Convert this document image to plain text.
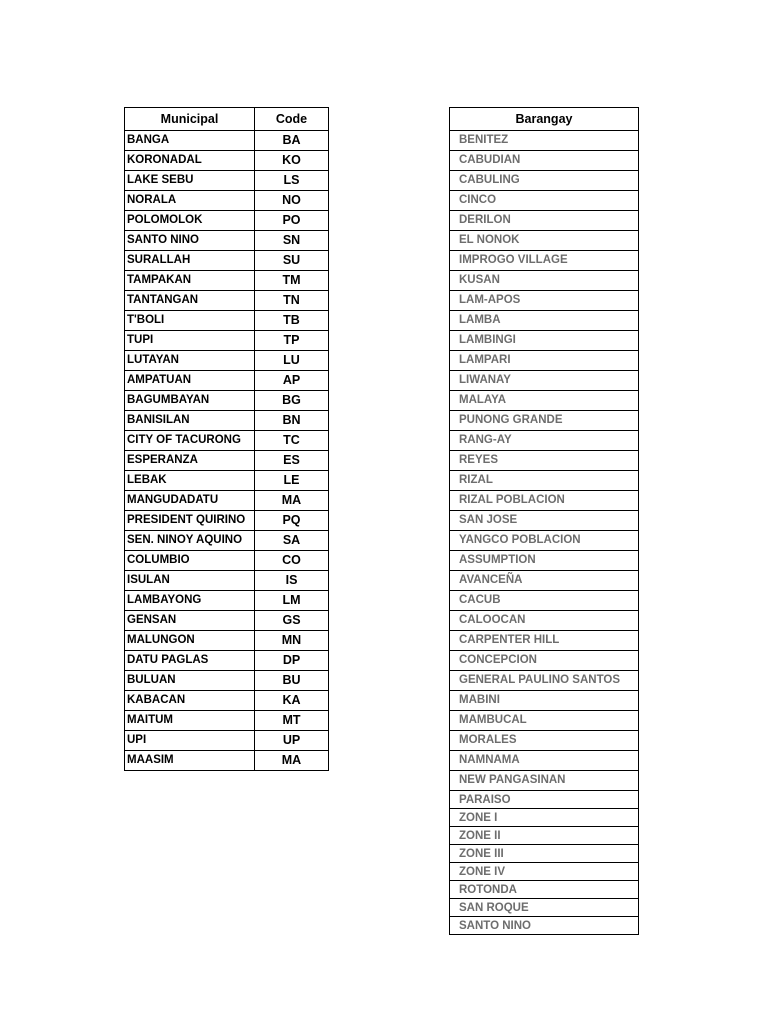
Municipal	Code
BANGA	BA
KORONADAL	KO
LAKE SEBU	LS
NORALA	NO
POLOMOLOK	PO
SANTO NINO	SN
SURALLAH	SU
TAMPAKAN	TM
TANTANGAN	TN
T'BOLI	TB
TUPI	TP
LUTAYAN	LU
AMPATUAN	AP
BAGUMBAYAN	BG
BANISILAN	BN
CITY OF TACURONG	TC
ESPERANZA	ES
LEBAK	LE
MANGUDADATU	MA
PRESIDENT QUIRINO	PQ
SEN. NINOY AQUINO	SA
COLUMBIO	CO
ISULAN	IS
LAMBAYONG	LM
GENSAN	GS
MALUNGON	MN
DATU PAGLAS	DP
BULUAN	BU
KABACAN	KA
MAITUM	MT
UPI	UP
MAASIM	MA
Barangay
BENITEZ
CABUDIAN
CABULING
CINCO
DERILON
EL NONOK
IMPROGO VILLAGE
KUSAN
LAM-APOS
LAMBA
LAMBINGI
LAMPARI
LIWANAY
MALAYA
PUNONG GRANDE
RANG-AY
REYES
RIZAL
RIZAL POBLACION
SAN JOSE
YANGCO POBLACION
ASSUMPTION
AVANCEÑA
CACUB
CALOOCAN
CARPENTER HILL
CONCEPCION
GENERAL PAULINO SANTOS
MABINI
MAMBUCAL
MORALES
NAMNAMA
NEW PANGASINAN
PARAISO
ZONE I
ZONE II
ZONE III
ZONE IV
ROTONDA
SAN ROQUE
SANTO NINO
